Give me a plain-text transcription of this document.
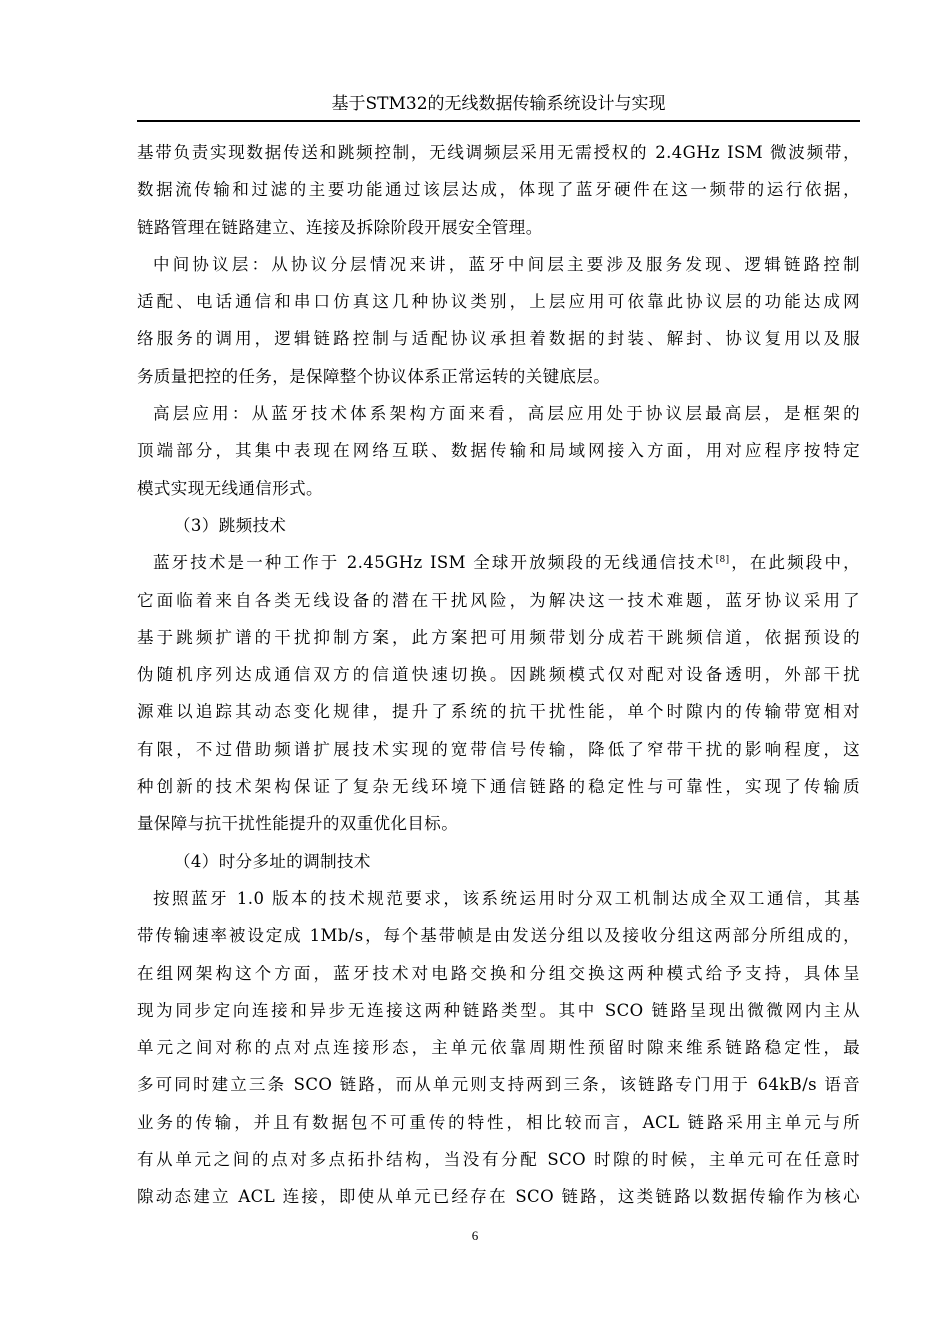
基于STM32的无线数据传输系统设计与实现
基带负责实现数据传送和跳频控制，无线调频层采用无需授权的 2.4GHz ISM 微波频带，
数据流传输和过滤的主要功能通过该层达成，体现了蓝牙硬件在这一频带的运行依据，
链路管理在链路建立、连接及拆除阶段开展安全管理。
中间协议层：从协议分层情况来讲，蓝牙中间层主要涉及服务发现、逻辑链路控制
适配、电话通信和串口仿真这几种协议类别，上层应用可依靠此协议层的功能达成网
络服务的调用，逻辑链路控制与适配协议承担着数据的封装、解封、协议复用以及服
务质量把控的任务，是保障整个协议体系正常运转的关键底层。
高层应用：从蓝牙技术体系架构方面来看，高层应用处于协议层最高层，是框架的
顶端部分，其集中表现在网络互联、数据传输和局域网接入方面，用对应程序按特定
模式实现无线通信形式。
（3）跳频技术
蓝牙技术是一种工作于 2.45GHz ISM 全球开放频段的无线通信技术[8]，在此频段中，
它面临着来自各类无线设备的潜在干扰风险，为解决这一技术难题，蓝牙协议采用了
基于跳频扩谱的干扰抑制方案，此方案把可用频带划分成若干跳频信道，依据预设的
伪随机序列达成通信双方的信道快速切换。因跳频模式仅对配对设备透明，外部干扰
源难以追踪其动态变化规律，提升了系统的抗干扰性能，单个时隙内的传输带宽相对
有限，不过借助频谱扩展技术实现的宽带信号传输，降低了窄带干扰的影响程度，这
种创新的技术架构保证了复杂无线环境下通信链路的稳定性与可靠性，实现了传输质
量保障与抗干扰性能提升的双重优化目标。
（4）时分多址的调制技术
按照蓝牙 1.0 版本的技术规范要求，该系统运用时分双工机制达成全双工通信，其基
带传输速率被设定成 1Mb/s，每个基带帧是由发送分组以及接收分组这两部分所组成的，
在组网架构这个方面，蓝牙技术对电路交换和分组交换这两种模式给予支持，具体呈
现为同步定向连接和异步无连接这两种链路类型。其中 SCO 链路呈现出微微网内主从
单元之间对称的点对点连接形态，主单元依靠周期性预留时隙来维系链路稳定性，最
多可同时建立三条 SCO 链路，而从单元则支持两到三条，该链路专门用于 64kB/s 语音
业务的传输，并且有数据包不可重传的特性，相比较而言，ACL 链路采用主单元与所
有从单元之间的点对多点拓扑结构，当没有分配 SCO 时隙的时候，主单元可在任意时
隙动态建立 ACL 连接，即使从单元已经存在 SCO 链路，这类链路以数据传输作为核心
6
